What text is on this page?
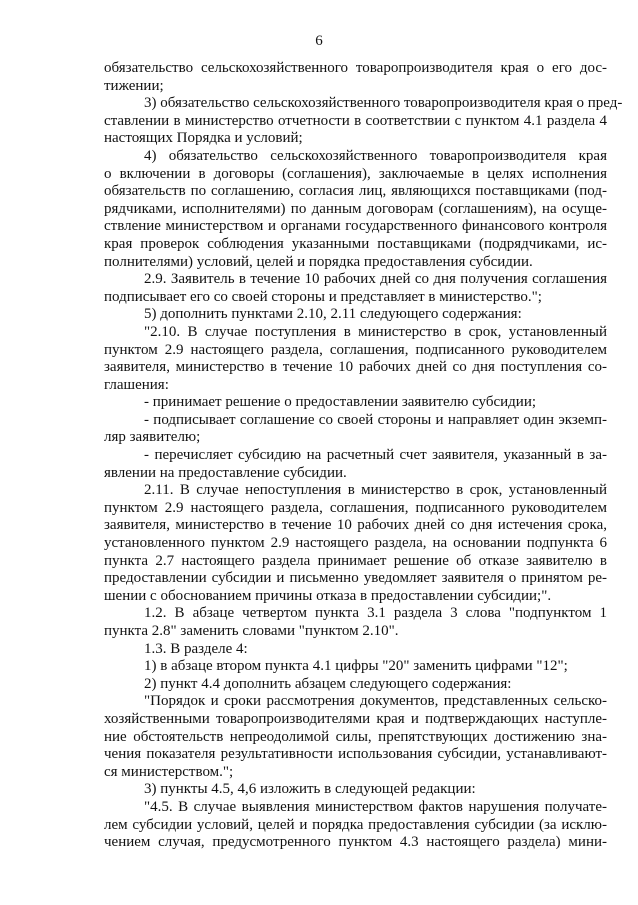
6
обязательство сельскохозяйственного товаропроизводителя края о его дос-
тижении;
3) обязательство сельскохозяйственного товаропроизводителя края о пред-
ставлении в министерство отчетности в соответствии с пунктом 4.1 раздела 4
настоящих Порядка и условий;
4) обязательство сельскохозяйственного товаропроизводителя края
о включении в договоры (соглашения), заключаемые в целях исполнения
обязательств по соглашению, согласия лиц, являющихся поставщиками (под-
рядчиками, исполнителями) по данным договорам (соглашениям), на осуще-
ствление министерством и органами государственного финансового контроля
края проверок соблюдения указанными поставщиками (подрядчиками, ис-
полнителями) условий, целей и порядка предоставления субсидии.
2.9. Заявитель в течение 10 рабочих дней со дня получения соглашения
подписывает его со своей стороны и представляет в министерство.";
5) дополнить пунктами 2.10, 2.11 следующего содержания:
"2.10. В случае поступления в министерство в срок, установленный
пунктом 2.9 настоящего раздела, соглашения, подписанного руководителем
заявителя, министерство в течение 10 рабочих дней со дня поступления со-
глашения:
- принимает решение о предоставлении заявителю субсидии;
- подписывает соглашение со своей стороны и направляет один экземп-
ляр заявителю;
- перечисляет субсидию на расчетный счет заявителя, указанный в за-
явлении на предоставление субсидии.
2.11. В случае непоступления в министерство в срок, установленный
пунктом 2.9 настоящего раздела, соглашения, подписанного руководителем
заявителя, министерство в течение 10 рабочих дней со дня истечения срока,
установленного пунктом 2.9 настоящего раздела, на основании подпункта 6
пункта 2.7 настоящего раздела принимает решение об отказе заявителю в
предоставлении субсидии и письменно уведомляет заявителя о принятом ре-
шении с обоснованием причины отказа в предоставлении субсидии;".
1.2. В абзаце четвертом пункта 3.1 раздела 3 слова "подпунктом 1
пункта 2.8" заменить словами "пунктом 2.10".
1.3. В разделе 4:
1) в абзаце втором пункта 4.1 цифры "20" заменить цифрами "12";
2) пункт 4.4 дополнить абзацем следующего содержания:
"Порядок и сроки рассмотрения документов, представленных сельско-
хозяйственными товаропроизводителями края и подтверждающих наступле-
ние обстоятельств непреодолимой силы, препятствующих достижению зна-
чения показателя результативности использования субсидии, устанавливают-
ся министерством.";
3) пункты 4.5, 4,6 изложить в следующей редакции:
"4.5. В случае выявления министерством фактов нарушения получате-
лем субсидии условий, целей и порядка предоставления субсидии (за исклю-
чением случая, предусмотренного пунктом 4.3 настоящего раздела) мини-
